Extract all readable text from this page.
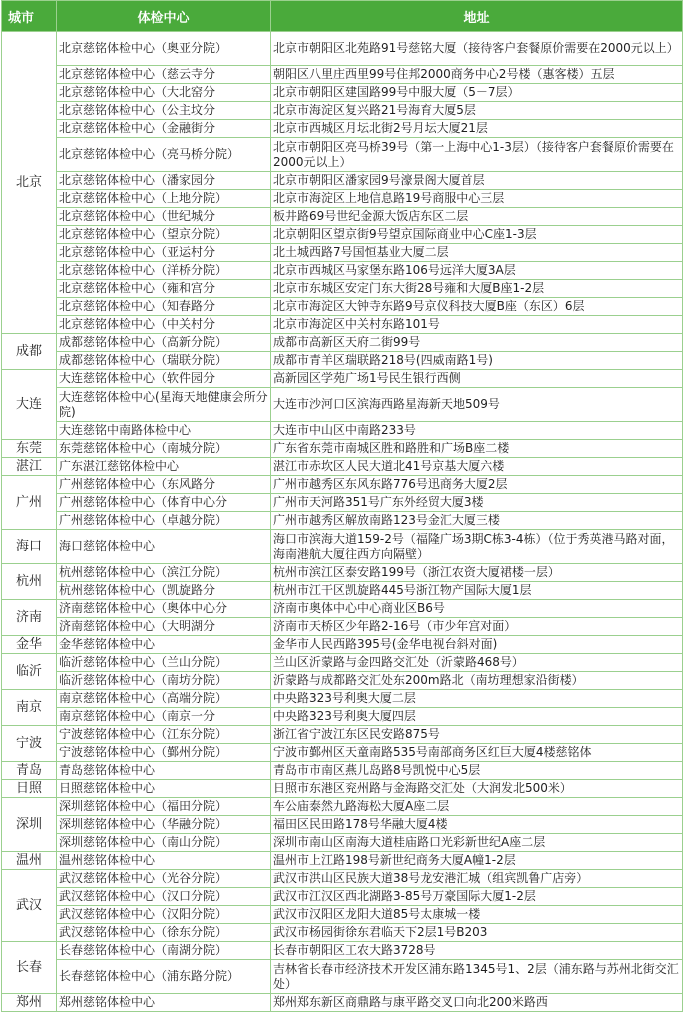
城市	体检中心	地址
北京	北京慈铭体检中心（奥亚分院）	北京市朝阳区北苑路91号慈铭大厦（接待客户套餐原价需要在2000元以上）
	北京慈铭体检中心（慈云寺分	朝阳区八里庄西里99号住邦2000商务中心2号楼（惠客楼）五层
	北京慈铭体检中心（大北窑分	北京市朝阳区建国路99号中服大厦（5－7层）
	北京慈铭体检中心（公主坟分	北京市海淀区复兴路21号海育大厦5层
	北京慈铭体检中心（金融街分	北京市西城区月坛北街2号月坛大厦21层
	北京慈铭体检中心（亮马桥分院）	北京市朝阳区亮马桥39号（第一上海中心1-3层）（接待客户套餐原价需要在2000元以上）
	北京慈铭体检中心（潘家园分	北京市朝阳区潘家园9号濠景阁大厦首层
	北京慈铭体检中心（上地分院）	北京市海淀区上地信息路19号商服中心三层
	北京慈铭体检中心（世纪城分	板井路69号世纪金源大饭店东区二层
	北京慈铭体检中心（望京分院）	北京朝阳区望京街9号望京国际商业中心C座1-3层
	北京慈铭体检中心（亚运村分	北土城西路7号国恒基业大厦二层
	北京慈铭体检中心（洋桥分院）	北京市西城区马家堡东路106号远洋大厦3A层
	北京慈铭体检中心（雍和宫分	北京市东城区安定门东大街28号雍和大厦B座1-2层
	北京慈铭体检中心（知春路分	北京市海淀区大钟寺东路9号京仪科技大厦B座（东区）6层
	北京慈铭体检中心（中关村分	北京市海淀区中关村东路101号
成都	成都慈铭体检中心（高新分院）	成都市高新区天府二街99号
	成都慈铭体检中心（瑞联分院）	成都市青羊区瑞联路218号(四威南路1号)
大连	大连慈铭体检中心（软件园分	高新园区学苑广场1号民生银行西侧
	大连慈铭体检中心(星海天地健康会所分院)	大连市沙河口区滨海西路星海新天地509号
	大连慈铭中南路体检中心	大连市中山区中南路233号
东莞	东莞慈铭体检中心（南城分院）	广东省东莞市南城区胜和路胜和广场B座二楼
湛江	广东湛江慈铭体检中心	湛江市赤坎区人民大道北41号京基大厦六楼
广州	广州慈铭体检中心（东风路分	广州市越秀区东风东路776号迅商务大厦2层
	广州慈铭体检中心（体育中心分	广州市天河路351号广东外经贸大厦3楼
	广州慈铭体检中心（卓越分院）	广州市越秀区解放南路123号金汇大厦三楼
海口	海口慈铭体检中心	海口市滨海大道159-2号（福隆广场3期C栋3-4栋）（位于秀英港马路对面，海南港航大厦往西方向隔壁）
杭州	杭州慈铭体检中心（滨江分院）	杭州市滨江区泰安路199号（浙江农资大厦裙楼一层）
	杭州慈铭体检中心（凯旋路分	杭州市江干区凯旋路445号浙江物产国际大厦1层
济南	济南慈铭体检中心（奥体中心分	济南市奥体中心中心商业区B6号
	济南慈铭体检中心（大明湖分	济南市天桥区少年路2-16号（市少年宫对面）
金华	金华慈铭体检中心	金华市人民西路395号(金华电视台斜对面)
临沂	临沂慈铭体检中心（兰山分院）	兰山区沂蒙路与金四路交汇处（沂蒙路468号）
	临沂慈铭体检中心（南坊分院）	沂蒙路与成都路交汇处东200m路北（南坊理想家沿街楼）
南京	南京慈铭体检中心（高端分院）	中央路323号利奥大厦二层
	南京慈铭体检中心（南京一分	中央路323号利奥大厦四层
宁波	宁波慈铭体检中心（江东分院）	浙江省宁波江东区民安路875号
	宁波慈铭体检中心（鄞州分院）	宁波市鄞州区天童南路535号南部商务区红巨大厦4楼慈铭体
青岛	青岛慈铭体检中心	青岛市市南区燕儿岛路8号凯悦中心5层
日照	日照慈铭体检中心	日照市东港区兖州路与金海路交汇处（大润发北500米）
深圳	深圳慈铭体检中心（福田分院）	车公庙泰然九路海松大厦A座二层
	深圳慈铭体检中心（华融分院）	福田区民田路178号华融大厦4楼
	深圳慈铭体检中心（南山分院）	深圳市南山区南海大道桂庙路口光彩新世纪A座二层
温州	温州慈铭体检中心	温州市上江路198号新世纪商务大厦A幢1-2层
武汉	武汉慈铭体检中心（光谷分院）	武汉市洪山区民族大道38号龙安港汇城（组宾凯鲁广店旁）
	武汉慈铭体检中心（汉口分院）	武汉市江汉区西北湖路3-85号万豪国际大厦1-2层
	武汉慈铭体检中心（汉阳分院）	武汉市汉阳区龙阳大道85号太康城一楼
	武汉慈铭体检中心（徐东分院）	武汉市杨园街徐东君临天下2层1号B203
长春	长春慈铭体检中心（南湖分院）	长春市朝阳区工农大路3728号
	长春慈铭体检中心（浦东路分院）	吉林省长春市经济技术开发区浦东路1345号1、2层（浦东路与苏州北街交汇处）
郑州	郑州慈铭体检中心	郑州郑东新区商鼎路与康平路交叉口向北200米路西
